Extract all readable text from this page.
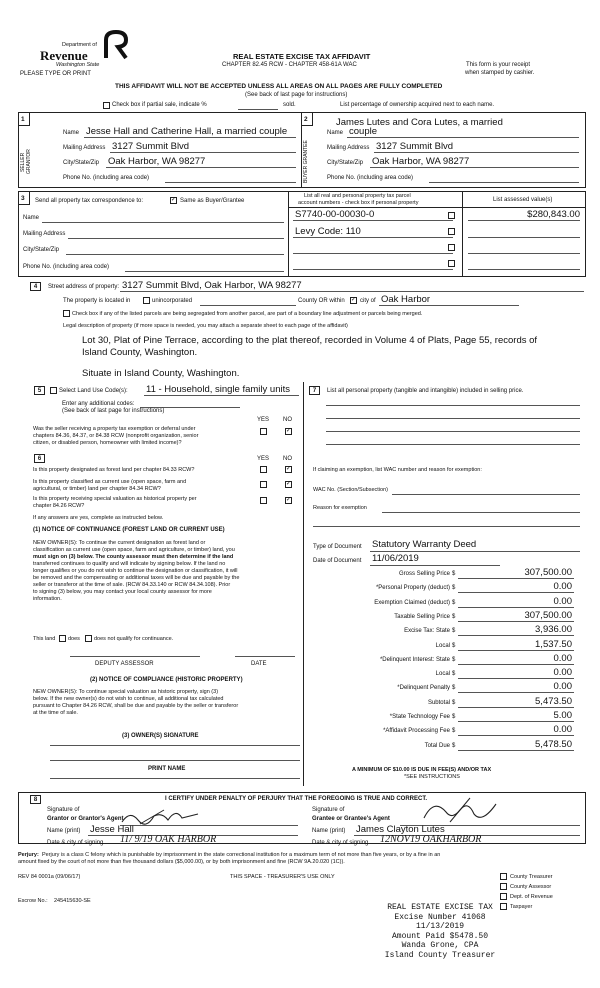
Department of
Revenue
Washington State
PLEASE TYPE OR PRINT
REAL ESTATE EXCISE TAX AFFIDAVIT
CHAPTER 82.45 RCW - CHAPTER 458-61A WAC	This form is your receipt
when stamped by cashier.
THIS AFFIDAVIT WILL NOT BE ACCEPTED UNLESS ALL AREAS ON ALL PAGES ARE FULLY COMPLETED
(See back of last page for instructions)
Check box if partial sale, indicate %	sold.	List percentage of ownership acquired next to each name.
1
SELLER GRANTOR
Name Jesse Hall and Catherine Hall, a married couple
Mailing Address 3127 Summit Blvd
City/State/Zip Oak Harbor, WA 98277
Phone No. (including area code)
2
BUYER GRANTEE
James Lutes and Cora Lutes, a married
Name couple
Mailing Address 3127 Summit Blvd
City/State/Zip Oak Harbor, WA 98277
Phone No. (including area code)
3 Send all property tax correspondence to:	✓ Same as Buyer/Grantee
Name
Mailing Address
City/State/Zip
Phone No. (including area code)
List all real and personal property tax parcel
account numbers - check box if personal property	List assessed value(s)
S7740-00-00030-0	$280,843.00
Levy Code: 110
4	Street address of property: 3127 Summit Blvd, Oak Harbor, WA 98277
The property is located in	unincorporated	County OR within ✓ city of Oak Harbor
Check box if any of the listed parcels are being segregated from another parcel, are part of a boundary line adjustment or parcels being merged.
Legal description of property (if more space is needed, you may attach a separate sheet to each page of the affidavit)
Lot 30, Plat of Pine Terrace, according to the plat thereof, recorded in Volume 4 of Plats, Page 55, records of
Island County, Washington.
Situate in Island County, Washington.
5	Select Land Use Code(s): 11 - Household, single family units
Enter any additional codes:
(See back of last page for instructions)
YES NO
Was the seller receiving a property tax exemption or deferral under
chapters 84.36, 84.37, or 84.38 RCW (nonprofit organization, senior
citizen, or disabled person, homeowner with limited income)?
✓
6	YES NO
Is this property designated as forest land per chapter 84.33 RCW?	✓
Is this property classified as current use (open space, farm and
agricultural, or timber) land per chapter 84.34 RCW?
✓
Is this property receiving special valuation as historical property per
chapter 84.26 RCW?
✓
If any answers are yes, complete as instructed below.
(1) NOTICE OF CONTINUANCE (FOREST LAND OR CURRENT USE)
NEW OWNER(S): To continue the current designation as forest land or
classification as current use (open space, farm and agriculture, or timber) land, you
must sign on (3) below. The county assessor must then determine if the land
transferred continues to qualify and will indicate by signing below. If the land no
longer qualifies or you do not wish to continue the designation or classification, it will
be removed and the compensating or additional taxes will be due and payable by the
seller or transferor at the time of sale. (RCW 84.33.140 or RCW 84.34.108). Prior
to signing (3) below, you may contact your local county assessor for more
information.
This land does	does not qualify for continuance.
DEPUTY ASSESSOR	DATE
(2) NOTICE OF COMPLIANCE (HISTORIC PROPERTY)
NEW OWNER(S): To continue special valuation as historic property, sign (3)
below. If the new owner(s) do not wish to continue, all additional tax calculated
pursuant to Chapter 84.26 RCW, shall be due and payable by the seller or transferor
at the time of sale.
(3) OWNER(S) SIGNATURE
PRINT NAME
7	List all personal property (tangible and intangible) included in selling price.
If claiming an exemption, list WAC number and reason for exemption:
WAC No. (Section/Subsection)
Reason for exemption
Type of Document Statutory Warranty Deed
Date of Document 11/06/2019
Gross Selling Price $	307,500.00
*Personal Property (deduct) $	0.00
Exemption Claimed (deduct) $	0.00
Taxable Selling Price $	307,500.00
Excise Tax: State $	3,936.00
Local $	1,537.50
*Delinquent Interest: State $	0.00
Local $	0.00
*Delinquent Penalty $	0.00
Subtotal $	5,473.50
*State Technology Fee $	5.00
*Affidavit Processing Fee $	0.00
Total Due $	5,478.50
A MINIMUM OF $10.00 IS DUE IN FEE(S) AND/OR TAX
*SEE INSTRUCTIONS
8	I CERTIFY UNDER PENALTY OF PERJURY THAT THE FOREGOING IS TRUE AND CORRECT.
Signature of
Grantor or Grantor's Agent
Name (print) Jesse Hall
Date & city of signing 11/ 9/19 OAK HARBOR
Signature of
Grantee or Grantee's Agent
Name (print) James Clayton Lutes
Date & city of signing 12NOV19 OAKHARBOR
Perjury: Perjury is a class C felony which is punishable by imprisonment in the state correctional institution for a maximum term of not more than five years, or by a fine in an
amount fixed by the court of not more than five thousand dollars ($5,000.00), or by both imprisonment and fine (RCW 9A.20.020 (1C)).
REV 84 0001a (09/06/17)	THIS SPACE - TREASURER'S USE ONLY
Escrow No.: 245415630-SE
County Treasurer
County Assessor
Dept. of Revenue
Taxpayer
REAL ESTATE EXCISE TAX
Excise Number 41068
11/13/2019
Amount Paid $5478.50
Wanda Grone, CPA
Island County Treasurer
